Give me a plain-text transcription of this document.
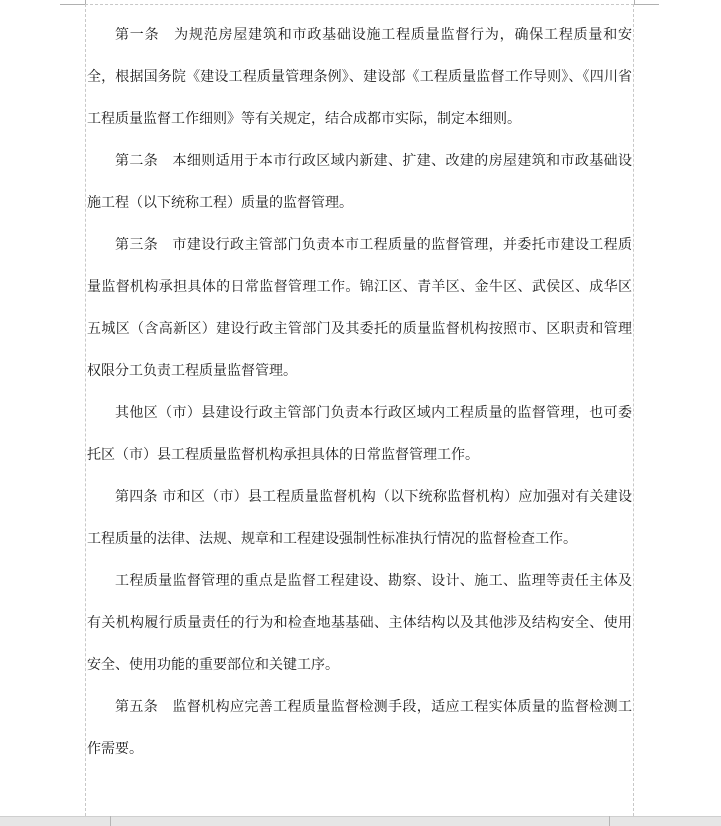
第一条　为规范房屋建筑和市政基础设施工程质量监督行为，确保工程质量和安全，根据国务院《建设工程质量管理条例》、建设部《工程质量监督工作导则》、《四川省工程质量监督工作细则》等有关规定，结合成都市实际，制定本细则。

第二条　本细则适用于本市行政区域内新建、扩建、改建的房屋建筑和市政基础设施工程（以下统称工程）质量的监督管理。

第三条　市建设行政主管部门负责本市工程质量的监督管理，并委托市建设工程质量监督机构承担具体的日常监督管理工作。锦江区、青羊区、金牛区、武侯区、成华区五城区（含高新区）建设行政主管部门及其委托的质量监督机构按照市、区职责和管理权限分工负责工程质量监督管理。

其他区（市）县建设行政主管部门负责本行政区域内工程质量的监督管理，也可委托区（市）县工程质量监督机构承担具体的日常监督管理工作。

第四条 市和区（市）县工程质量监督机构（以下统称监督机构）应加强对有关建设工程质量的法律、法规、规章和工程建设强制性标准执行情况的监督检查工作。

工程质量监督管理的重点是监督工程建设、勘察、设计、施工、监理等责任主体及有关机构履行质量责任的行为和检查地基基础、主体结构以及其他涉及结构安全、使用安全、使用功能的重要部位和关键工序。

第五条　监督机构应完善工程质量监督检测手段，适应工程实体质量的监督检测工作需要。
